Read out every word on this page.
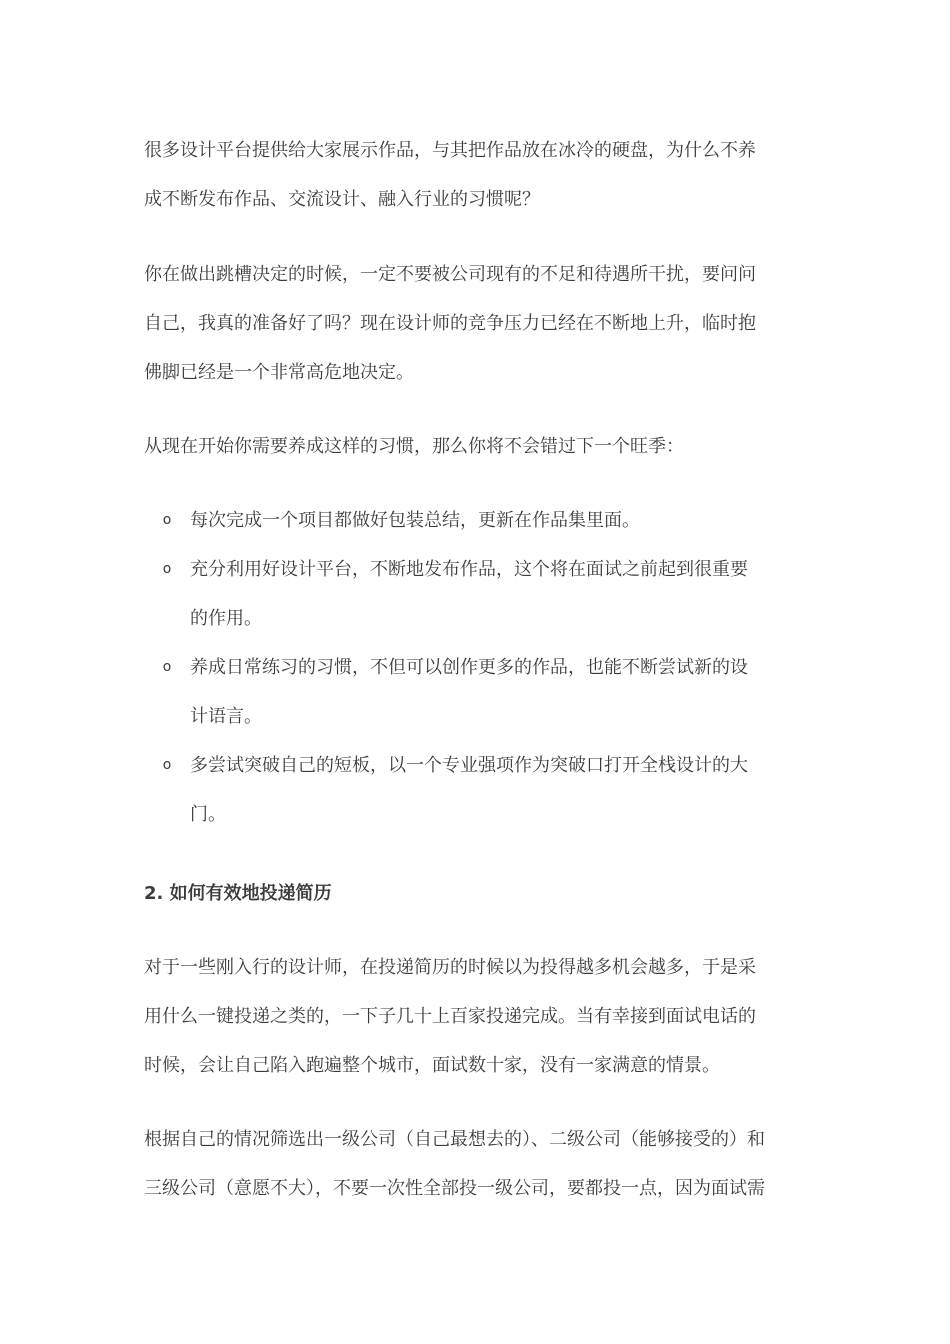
很多设计平台提供给大家展示作品，与其把作品放在冰冷的硬盘，为什么不养
成不断发布作品、交流设计、融入行业的习惯呢？

你在做出跳槽决定的时候，一定不要被公司现有的不足和待遇所干扰，要问问
自己，我真的准备好了吗？现在设计师的竞争压力已经在不断地上升，临时抱
佛脚已经是一个非常高危地决定。

从现在开始你需要养成这样的习惯，那么你将不会错过下一个旺季：

o 每次完成一个项目都做好包装总结，更新在作品集里面。
o 充分利用好设计平台，不断地发布作品，这个将在面试之前起到很重要
的作用。
o 养成日常练习的习惯，不但可以创作更多的作品，也能不断尝试新的设
计语言。
o 多尝试突破自己的短板，以一个专业强项作为突破口打开全栈设计的大
门。
2. 如何有效地投递简历

对于一些刚入行的设计师，在投递简历的时候以为投得越多机会越多，于是采
用什么一键投递之类的，一下子几十上百家投递完成。当有幸接到面试电话的
时候，会让自己陷入跑遍整个城市，面试数十家，没有一家满意的情景。

根据自己的情况筛选出一级公司（自己最想去的）、二级公司（能够接受的）和
三级公司（意愿不大），不要一次性全部投一级公司，要都投一点，因为面试需
